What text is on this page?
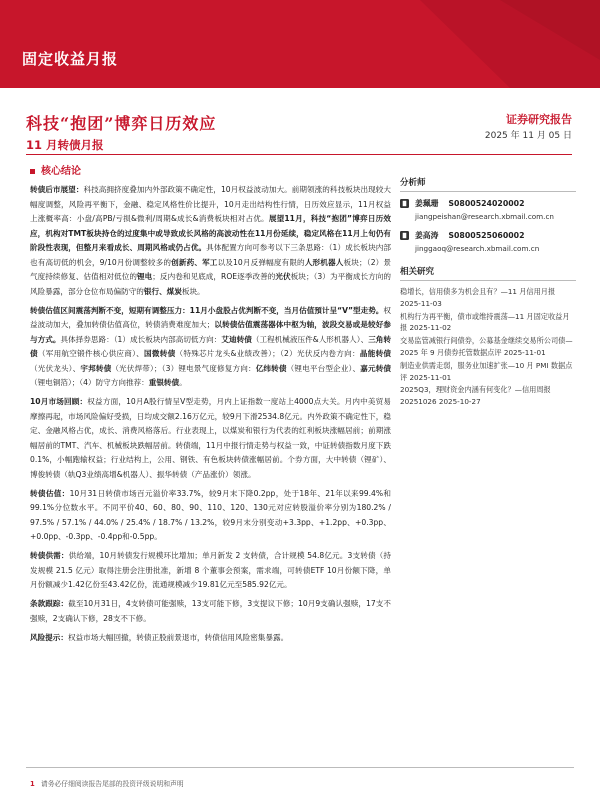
固定收益月报
科技“抱团”博弈日历效应
11 月转债月报
证券研究报告
2025 年 11 月 05 日
核心结论

转债后市展望：科技高拥挤度叠加内外部政策不确定性，10月权益波动加大。前期领涨的科技板块出现较大幅度调整，风险再平衡下，金融、稳定风格性价比提升，10月走出结构性行情，日历效应显示，11月权益上涨概率高：小盘/高PB/亏损&微利/周期&成长&消费板块相对占优。展望11月，科技“抱团”博弈日历效应，机构对TMT板块持仓的过度集中或导致成长风格的高波动性在11月份延续，稳定风格在11月上旬仍有阶段性表现，但整月来看成长、周期风格或仍占优。具体配置方向可参考以下三条思路：（1）成长板块内部也有高切低的机会，9/10月份调整较多的创新药、军工以及10月反弹幅度有限的人形机器人板块；（2）景气度持续修复、估值相对低位的锂电；反内卷和见底成，ROE逐季改善的光伏板块；（3）为平衡成长方向的风险暴露，部分仓位布局偏防守的银行、煤炭板块。

转债估值区间震荡判断不变，短期有调整压力：11月小盘股占优判断不变，当月估值預计呈“V”型走势。权益波动加大，叠加转债估值高位，转债消费难度加大；以转债估值震荡器体中枢为轴，波段交易或是较好参与方式。具体择券思路：（1）成长板块内部高切低方向：艾迪转债（工程机械液压件&人形机器人）、三角转债（军用航空锻件核心供应商）、国微转债（特殊芯片龙头&业绩改善）；（2）光伏反内卷方向：晶能转债（光伏龙头）、宇邦转债（光伏焊带）；（3）锂电景气度修复方向：亿纬转债（锂电平台型企业）、嘉元转债（锂电铜箔）；（4）防守方向推荐：重银转债。

10月市场回顾：权益方面，10月A股行情呈V型走势，月内上证指数一度站上4000点大关。月内中美贸易摩擦再起，市场风险偏好受损，日均成交额2.16万亿元，较9月下滑2534.8亿元。内外政策不确定性下，稳定、金融风格占优，成长、消费风格落后。行业表现上，以煤炭和银行为代表的红利板块涨幅居前；前期涨幅居前的TMT、汽车、机械板块跌幅居前。转债端，11月中报行情走势与权益一致，中证转债指数月度下跌0.1%，小幅跑输权益；行业结构上，公用、钢铁、有色板块转债涨幅居前。个券方面，大中转债（锂矿）、博俊转债（轨Q3业绩高增&机器人）、振华转债（产品涨价）领涨。

转债估值：10月31日转债市场百元溢价率33.7%，较9月末下降0.2pp，处于18年、21年以来99.4%和99.1%分位数水平。不同平价40、60、80、90、110、120、130元对应转股溢价率分别为180.2% / 97.5% / 57.1% / 44.0% / 25.4% / 18.7% / 13.2%，较9月末分别变动+3.3pp、+1.2pp、+0.3pp、+0.0pp、-0.3pp、-0.4pp和-0.5pp。

转债供需：供给端，10月转债发行规模环比增加；单月新发 2 支转债，合计规模 54.8亿元。3支转债（持发规模 21.5 亿元）取得注册会注册批准，新增 8 个董事会预案，需求端，可转债ETF 10月份额下降，单月份额减少1.42亿份至43.42亿份，流通规模减少19.81亿元至585.92亿元。

条款跟踪：截至10月31日，4支转债可能强赎，13支可能下修，3支提议下修；10月9支确认强赎，17支不强赎，2支确认下修，28支不下修。

风险提示：权益市场大幅回撤，转债正股前景退市，转债信用风险密集暴露。

分析师
姜珮珊 S0800524020002
jiangpeishan@research.xbmail.com.cn
姜高涛 S0800525060002
jinggaoq@research.xbmail.com.cn
相关研究
稳增长，信用债多为机会且有？—11 月信用月报 2025-11-03
机构行为再平衡，债市或维持震荡—11 月固定收益月报 2025-11-02
交易监管减银行间债券，公募基金继续交易所公司债—2025 年 9 月债券托管数据点评 2025-11-01
制造业供需走弱，服务业加速扩张—10 月 PMI 数据点评 2025-11-01
2025Q3，理财资金内涵有何变化？—信用周报 20251026 2025-10-27
1 请务必仔细阅读报告尾部的投资评级说明和声明
